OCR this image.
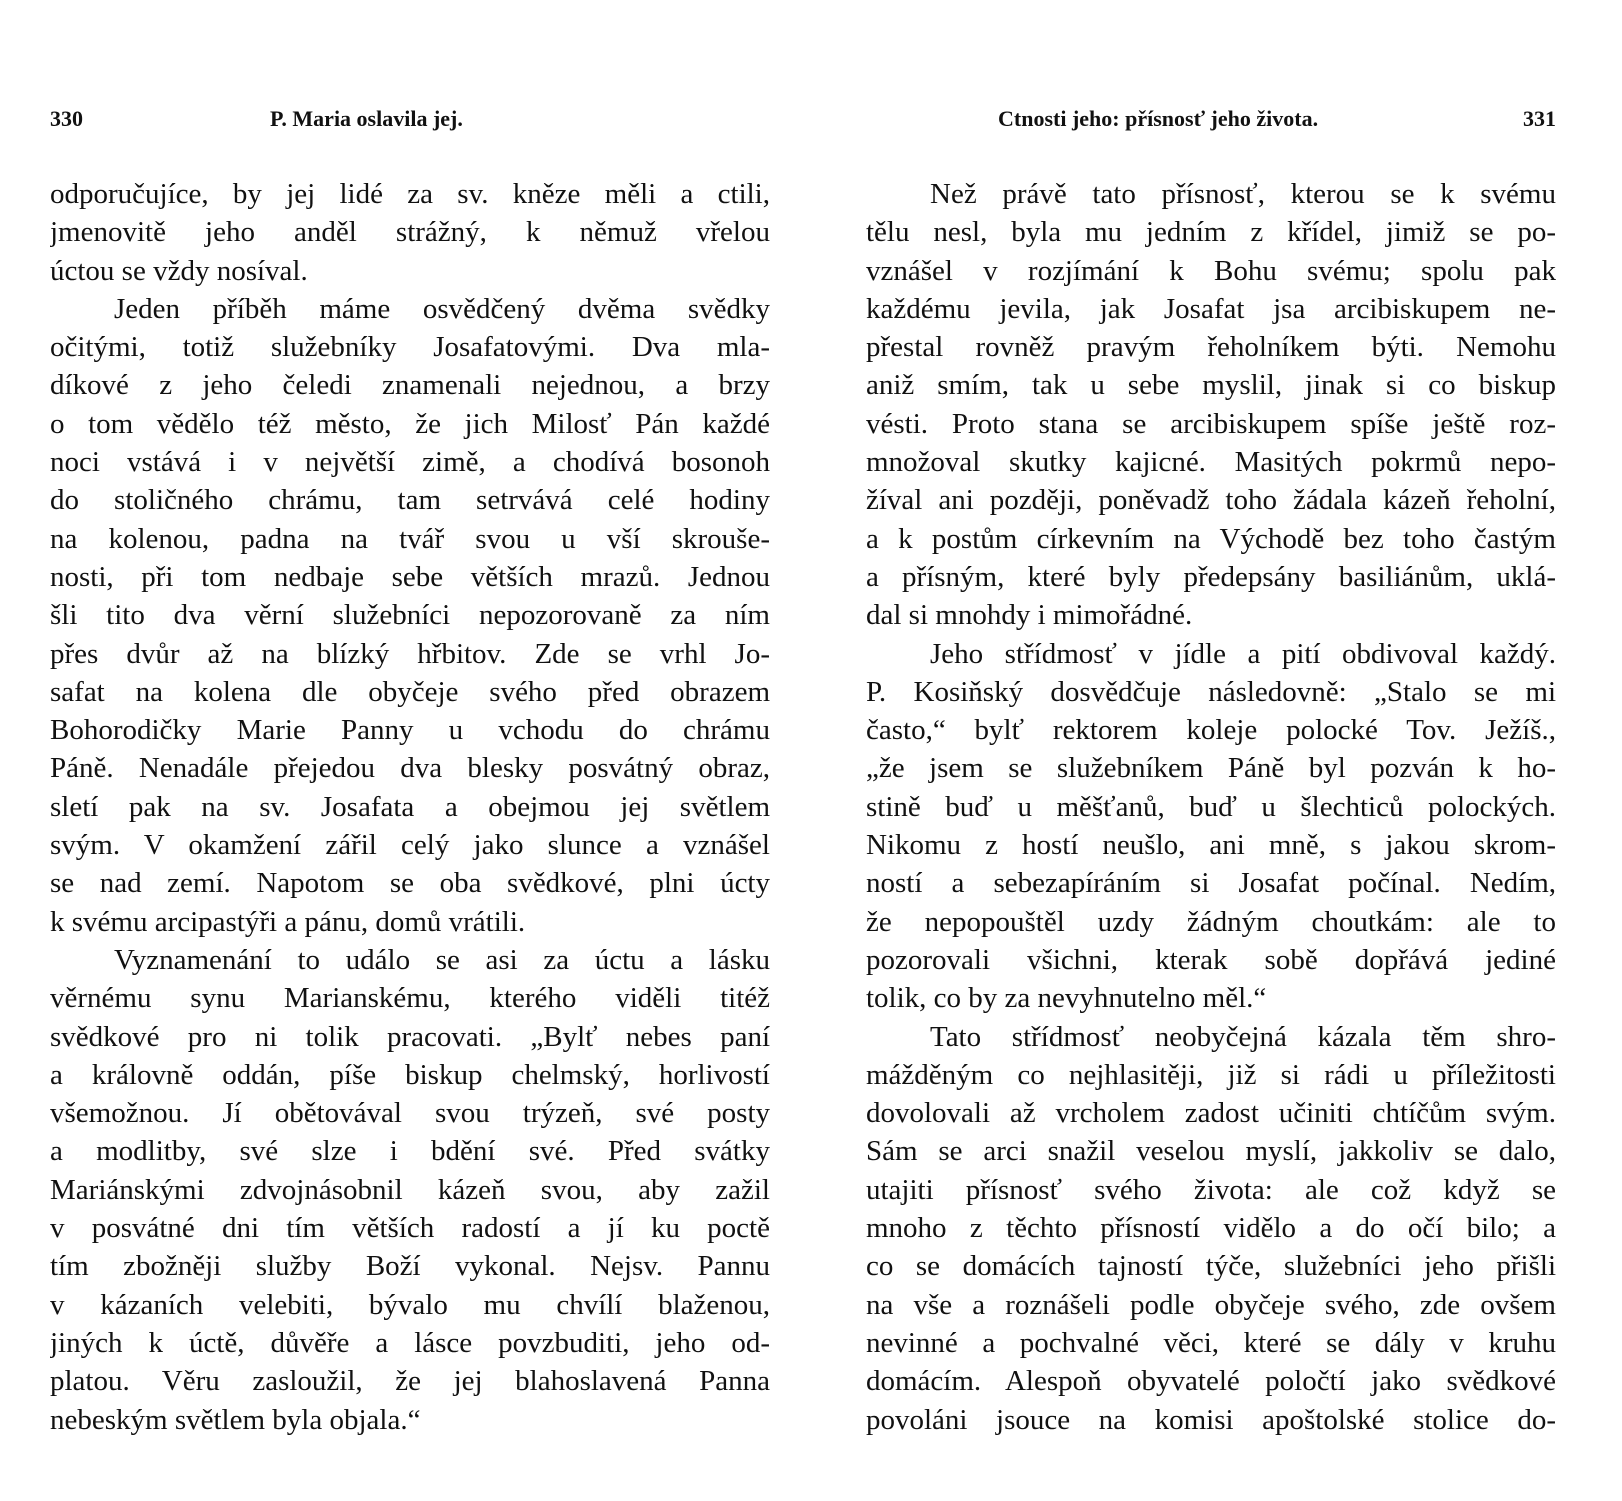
330	P. Maria oslavila jej.
odporučujíce, by jej lidé za sv. kněze měli a ctili,
jmenovitě jeho anděl strážný, k němuž vřelou
úctou se vždy nosíval.
Jeden příběh máme osvědčený dvěma svědky
očitými, totiž služebníky Josafatovými. Dva mla-
díkové z jeho čeledi znamenali nejednou, a brzy
o tom vědělo též město, že jich Milosť Pán každé
noci vstává i v největší zimě, a chodívá bosonoh
do stoličného chrámu, tam setrvává celé hodiny
na kolenou, padna na tvář svou u vší skrouše-
nosti, při tom nedbaje sebe větších mrazů. Jednou
šli tito dva věrní služebníci nepozorovaně za ním
přes dvůr až na blízký hřbitov. Zde se vrhl Jo-
safat na kolena dle obyčeje svého před obrazem
Bohorodičky Marie Panny u vchodu do chrámu
Páně. Nenadále přejedou dva blesky posvátný obraz,
sletí pak na sv. Josafata a obejmou jej světlem
svým. V okamžení zářil celý jako slunce a vznášel
se nad zemí. Napotom se oba svědkové, plni úcty
k svému arcipastýři a pánu, domů vrátili.
Vyznamenání to událo se asi za úctu a lásku
věrnému synu Marianskému, kterého viděli titéž
svědkové pro ni tolik pracovati. „Bylť nebes paní
a královně oddán, píše biskup chelmský, horlivostí
všemožnou. Jí obětovával svou trýzeň, své posty
a modlitby, své slze i bdění své. Před svátky
Mariánskými zdvojnásobnil kázeň svou, aby zažil
v posvátné dni tím větších radostí a jí ku poctě
tím zbožněji služby Boží vykonal. Nejsv. Pannu
v kázaních velebiti, bývalo mu chvílí blaženou,
jiných k úctě, důvěře a lásce povzbuditi, jeho od-
platou. Věru zasloužil, že jej blahoslavená Panna
nebeským světlem byla objala.“
Ctnosti jeho: přísnosť jeho života.	331
Než právě tato přísnosť, kterou se k svému
tělu nesl, byla mu jedním z křídel, jimiž se po-
vznášel v rozjímání k Bohu svému; spolu pak
každému jevila, jak Josafat jsa arcibiskupem ne-
přestal rovněž pravým řeholníkem býti. Nemohu
aniž smím, tak u sebe myslil, jinak si co biskup
vésti. Proto stana se arcibiskupem spíše ještě roz-
množoval skutky kajicné. Masitých pokrmů nepo-
žíval ani později, poněvadž toho žádala kázeň řeholní,
a k postům církevním na Východě bez toho častým
a přísným, které byly předepsány basiliánům, uklá-
dal si mnohdy i mimořádné.
Jeho střídmosť v jídle a pití obdivoval každý.
P. Kosiňský dosvědčuje následovně: „Stalo se mi
často,“ bylť rektorem koleje polocké Tov. Ježíš.,
„že jsem se služebníkem Páně byl pozván k ho-
stině buď u měšťanů, buď u šlechticů polockých.
Nikomu z hostí neušlo, ani mně, s jakou skrom-
ností a sebezapíráním si Josafat počínal. Nedím,
že nepopouštěl uzdy žádným choutkám: ale to
pozorovali všichni, kterak sobě dopřává jediné
tolik, co by za nevyhnutelno měl.“
Tato střídmosť neobyčejná kázala těm shro-
mážděným co nejhlasitěji, již si rádi u příležitosti
dovolovali až vrcholem zadost učiniti chtíčům svým.
Sám se arci snažil veselou myslí, jakkoliv se dalo,
utajiti přísnosť svého života: ale což když se
mnoho z těchto přísností vidělo a do očí bilo; a
co se domácích tajností týče, služebníci jeho přišli
na vše a roznášeli podle obyčeje svého, zde ovšem
nevinné a pochvalné věci, které se dály v kruhu
domácím. Alespoň obyvatelé poločtí jako svědkové
povoláni jsouce na komisi apoštolské stolice do-
